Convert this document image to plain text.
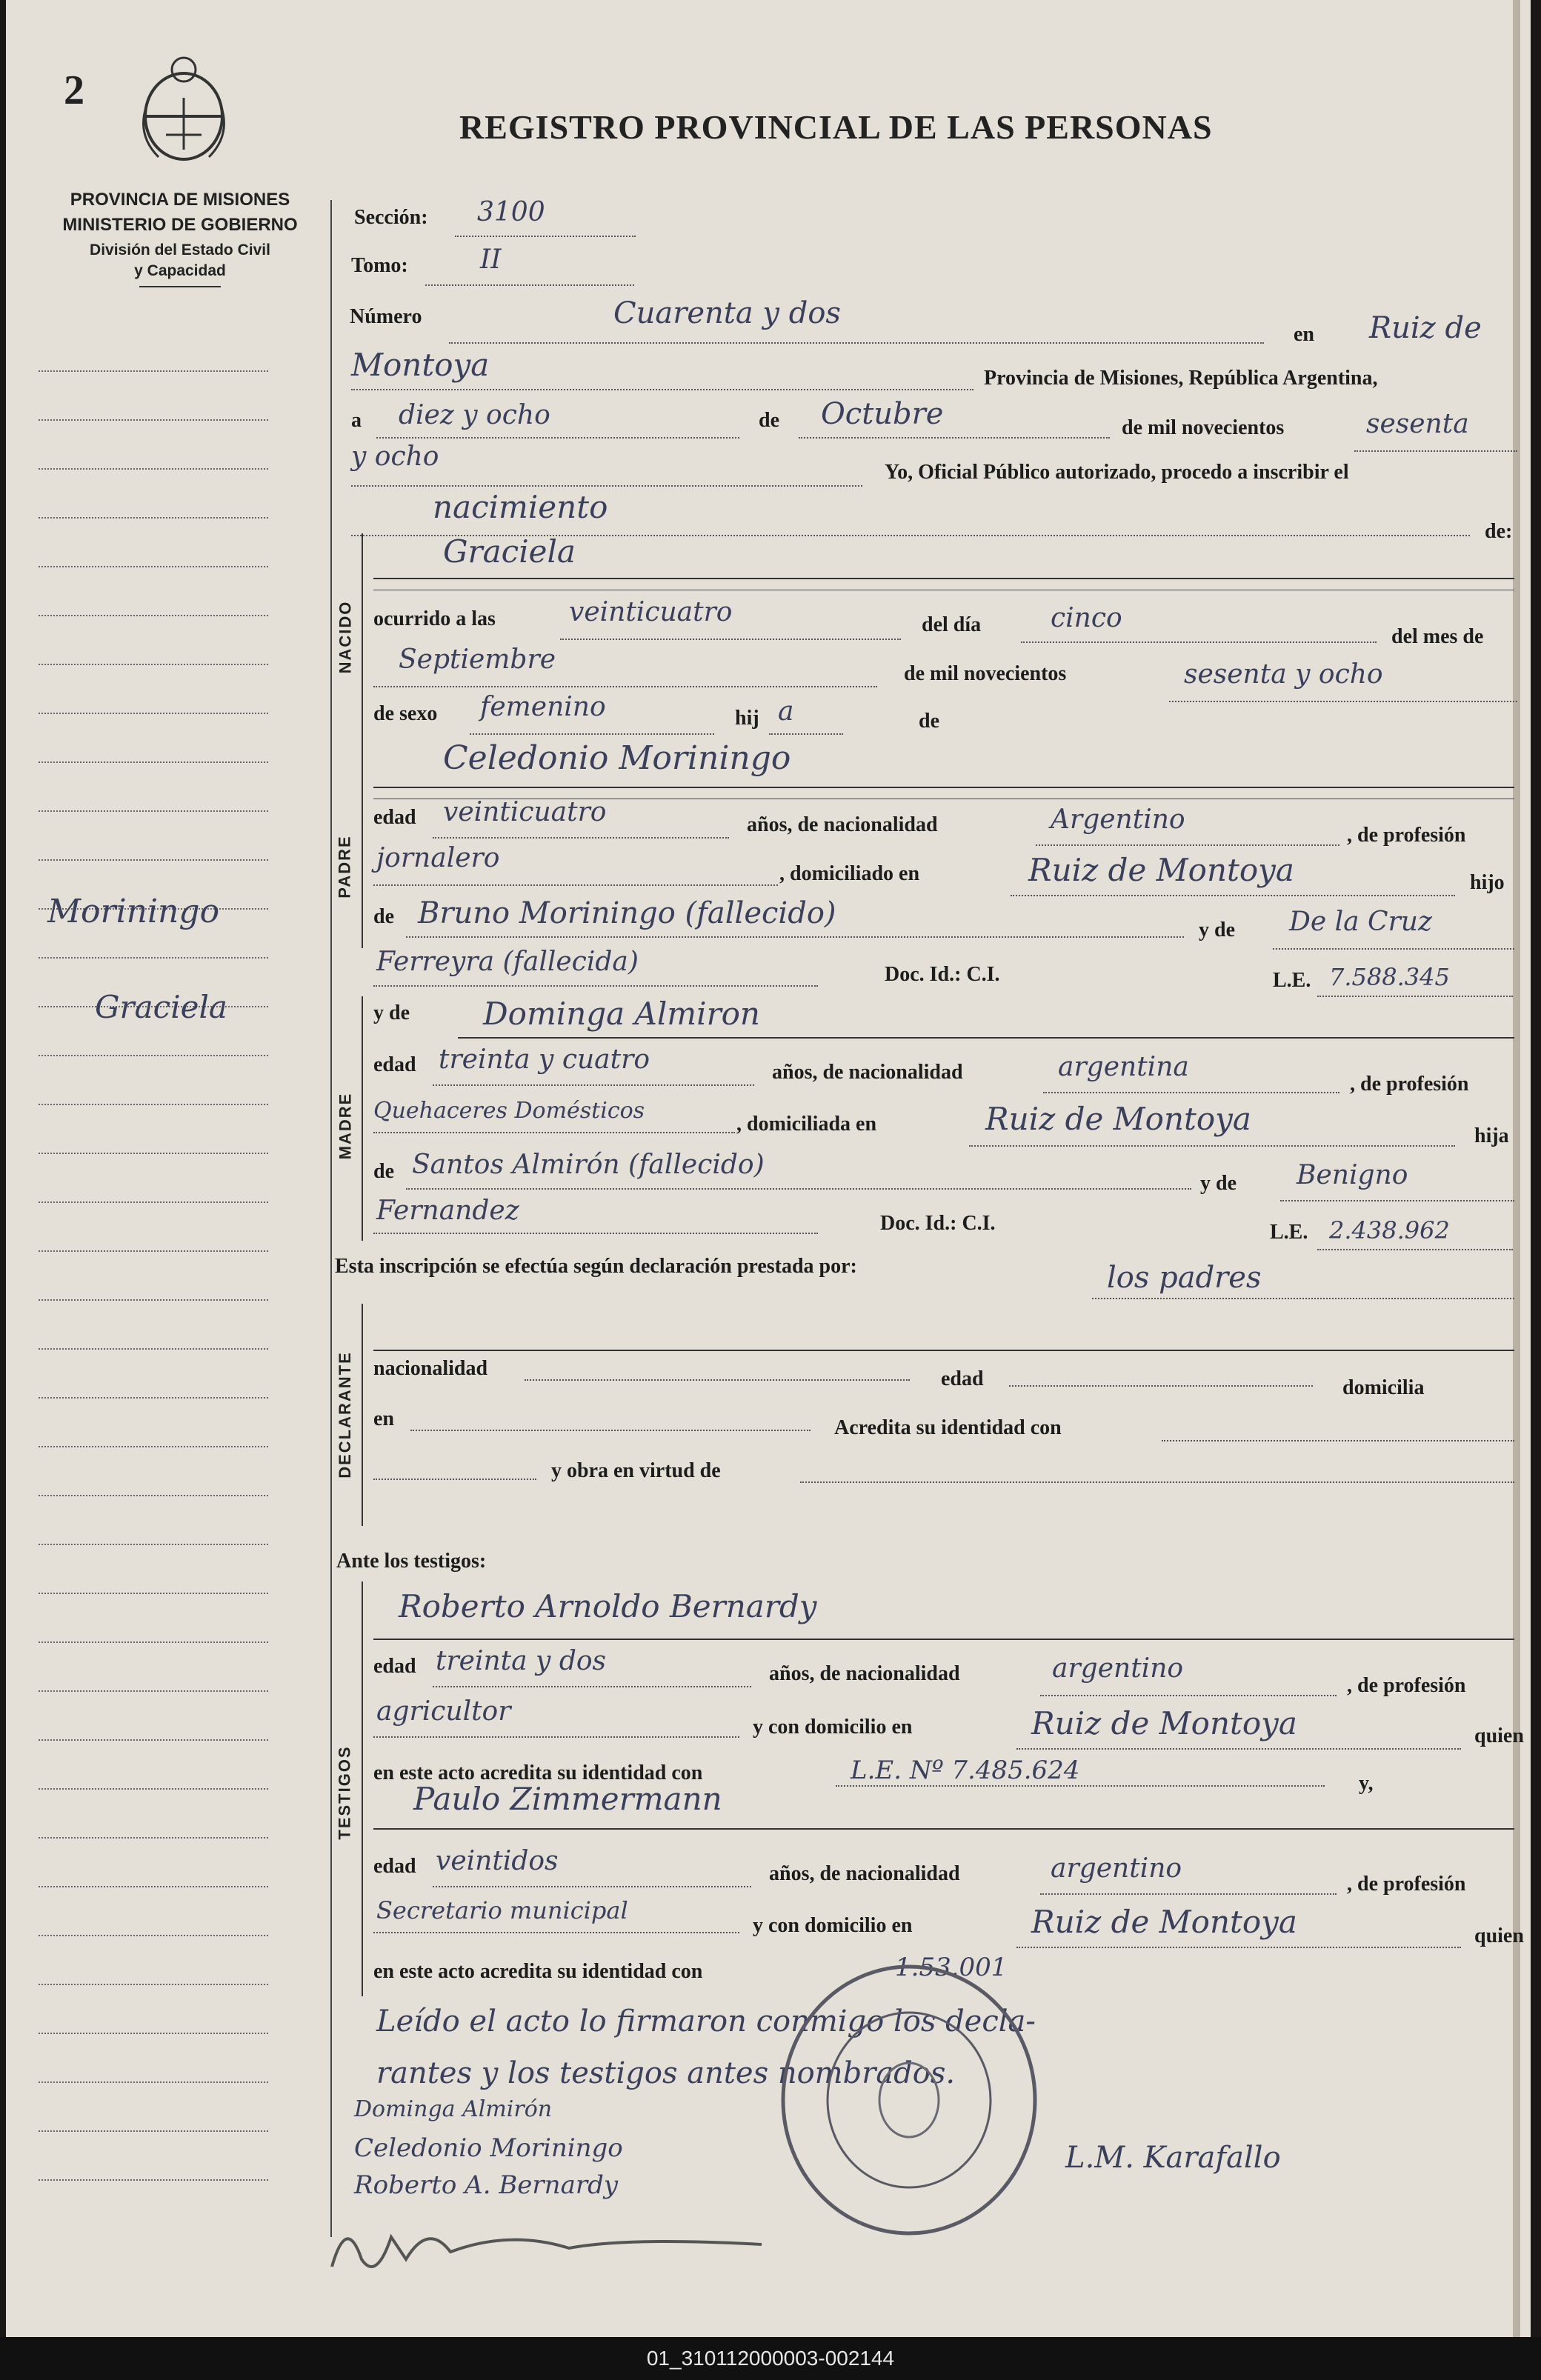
2
REGISTRO PROVINCIAL DE LAS PERSONAS
PROVINCIA DE MISIONES
MINISTERIO DE GOBIERNO
División del Estado Civil
y Capacidad
Moriningo
Graciela
Sección: 3100
Tomo:	II
Número	Cuarenta y dos
en Ruiz de
Montoya	Provincia de Misiones, República Argentina,
a diez y ocho	de Octubre	de mil novecientos	sesenta
y ocho
Yo, Oficial Público autorizado, procedo a inscribir el
nacimiento
de:
NACIDO
Graciela
ocurrido a las	veinticuatro	del día	cinco
del mes de
Septiembre	de mil novecientos	sesenta y ocho
de sexo femenino	hij a	de
PADRE
Celedonio Moriningo
edad veinticuatro	años, de nacionalidad	Argentino
, de profesión
jornalero
, domiciliado en	Ruiz de Montoya	hijo
de Bruno Moriningo (fallecido)	y de De la Cruz
Ferreyra (fallecida)	Doc. Id.: C.I.	L.E. 7.588.345
MADRE
y de Dominga Almiron
edad treinta y cuatro	años, de nacionalidad	argentina
, de profesión
Quehaceres Domésticos
, domiciliada en	Ruiz de Montoya	hija
de Santos Almirón (fallecido)
y de Benigno
Fernandez	Doc. Id.: C.I.	L.E. 2.438.962
Esta inscripción se efectúa según declaración prestada por:	los padres
DECLARANTE nacionalidad	edad	domicilia
en	Acredita su identidad con
y obra en virtud de
Ante los testigos:
TESTIGOS
Roberto Arnoldo Bernardy
edad treinta y dos	años, de nacionalidad	argentino
, de profesión
agricultor
y con domicilio en	Ruiz de Montoya	quien
en este acto acredita su identidad con	L.E. Nº 7.485.624	y,
Paulo Zimmermann
edad veintidos	años, de nacionalidad	argentino
, de profesión
Secretario municipal
y con domicilio en	Ruiz de Montoya	quien
en este acto acredita su identidad con	1.53.001
Leído el acto lo firmaron conmigo los decla-
rantes y los testigos antes nombrados.
Dominga Almirón
Celedonio Moriningo
Roberto A. Bernardy
L.M. Karafallo
01_310112000003-002144
